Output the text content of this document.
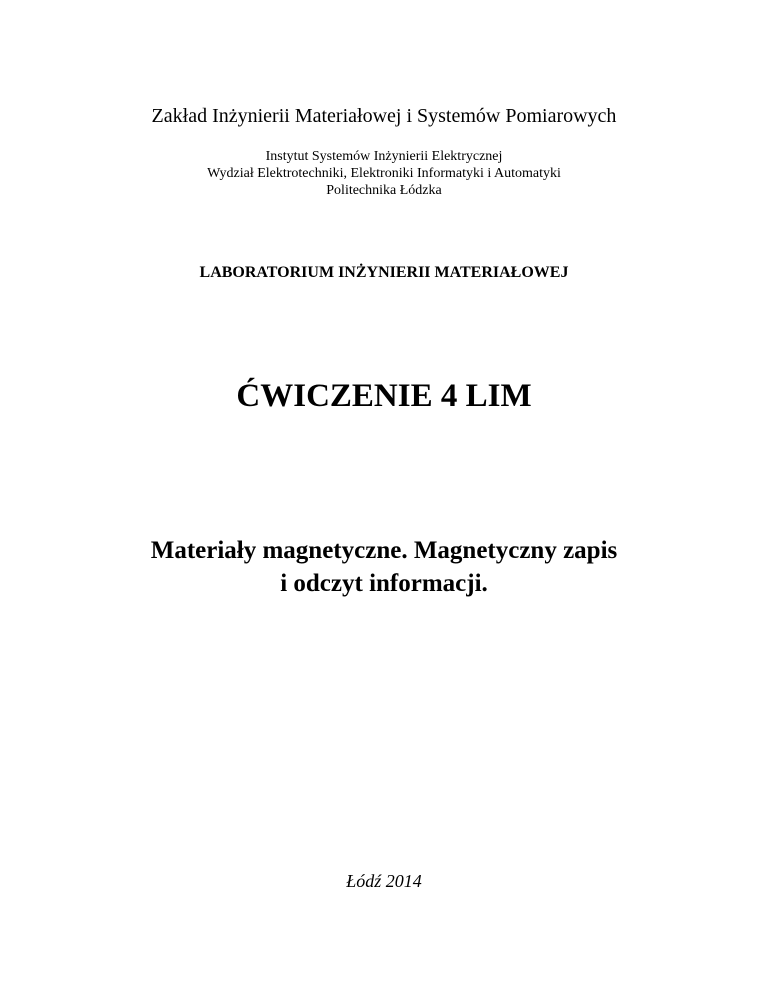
Zakład Inżynierii Materiałowej i Systemów Pomiarowych
Instytut Systemów Inżynierii Elektrycznej
Wydział Elektrotechniki, Elektroniki Informatyki i Automatyki
Politechnika Łódzka
LABORATORIUM INŻYNIERII MATERIAŁOWEJ
ĆWICZENIE 4 LIM
Materiały magnetyczne. Magnetyczny zapis
i odczyt informacji.
Łódź 2014
